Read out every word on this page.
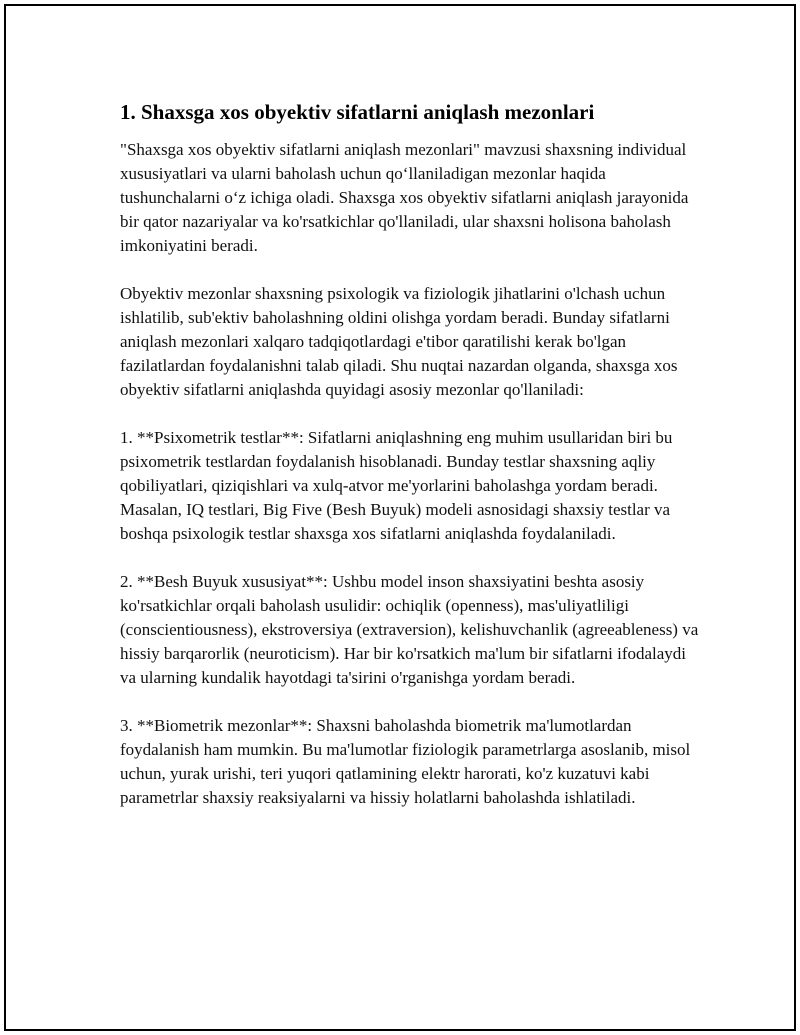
1. Shaxsga xos obyektiv sifatlarni aniqlash mezonlari

"Shaxsga xos obyektiv sifatlarni aniqlash mezonlari" mavzusi shaxsning individual xususiyatlari va ularni baholash uchun qo‘llaniladigan mezonlar haqida tushunchalarni o‘z ichiga oladi. Shaxsga xos obyektiv sifatlarni aniqlash jarayonida bir qator nazariyalar va ko'rsatkichlar qo'llaniladi, ular shaxsni holisona baholash imkoniyatini beradi.

Obyektiv mezonlar shaxsning psixologik va fiziologik jihatlarini o'lchash uchun ishlatilib, sub'ektiv baholashning oldini olishga yordam beradi. Bunday sifatlarni aniqlash mezonlari xalqaro tadqiqotlardagi e'tibor qaratilishi kerak bo'lgan fazilatlardan foydalanishni talab qiladi. Shu nuqtai nazardan olganda, shaxsga xos obyektiv sifatlarni aniqlashda quyidagi asosiy mezonlar qo'llaniladi:

1. **Psixometrik testlar**: Sifatlarni aniqlashning eng muhim usullaridan biri bu psixometrik testlardan foydalanish hisoblanadi. Bunday testlar shaxsning aqliy qobiliyatlari, qiziqishlari va xulq-atvor me'yorlarini baholashga yordam beradi. Masalan, IQ testlari, Big Five (Besh Buyuk) modeli asnosidagi shaxsiy testlar va boshqa psixologik testlar shaxsga xos sifatlarni aniqlashda foydalaniladi.

2. **Besh Buyuk xususiyat**: Ushbu model inson shaxsiyatini beshta asosiy ko'rsatkichlar orqali baholash usulidir: ochiqlik (openness), mas'uliyatliligi (conscientiousness), ekstroversiya (extraversion), kelishuvchanlik (agreeableness) va hissiy barqarorlik (neuroticism). Har bir ko'rsatkich ma'lum bir sifatlarni ifodalaydi va ularning kundalik hayotdagi ta'sirini o'rganishga yordam beradi.

3. **Biometrik mezonlar**: Shaxsni baholashda biometrik ma'lumotlardan foydalanish ham mumkin. Bu ma'lumotlar fiziologik parametrlarga asoslanib, misol uchun, yurak urishi, teri yuqori qatlamining elektr harorati, ko'z kuzatuvi kabi parametrlar shaxsiy reaksiyalarni va hissiy holatlarni baholashda ishlatiladi.
